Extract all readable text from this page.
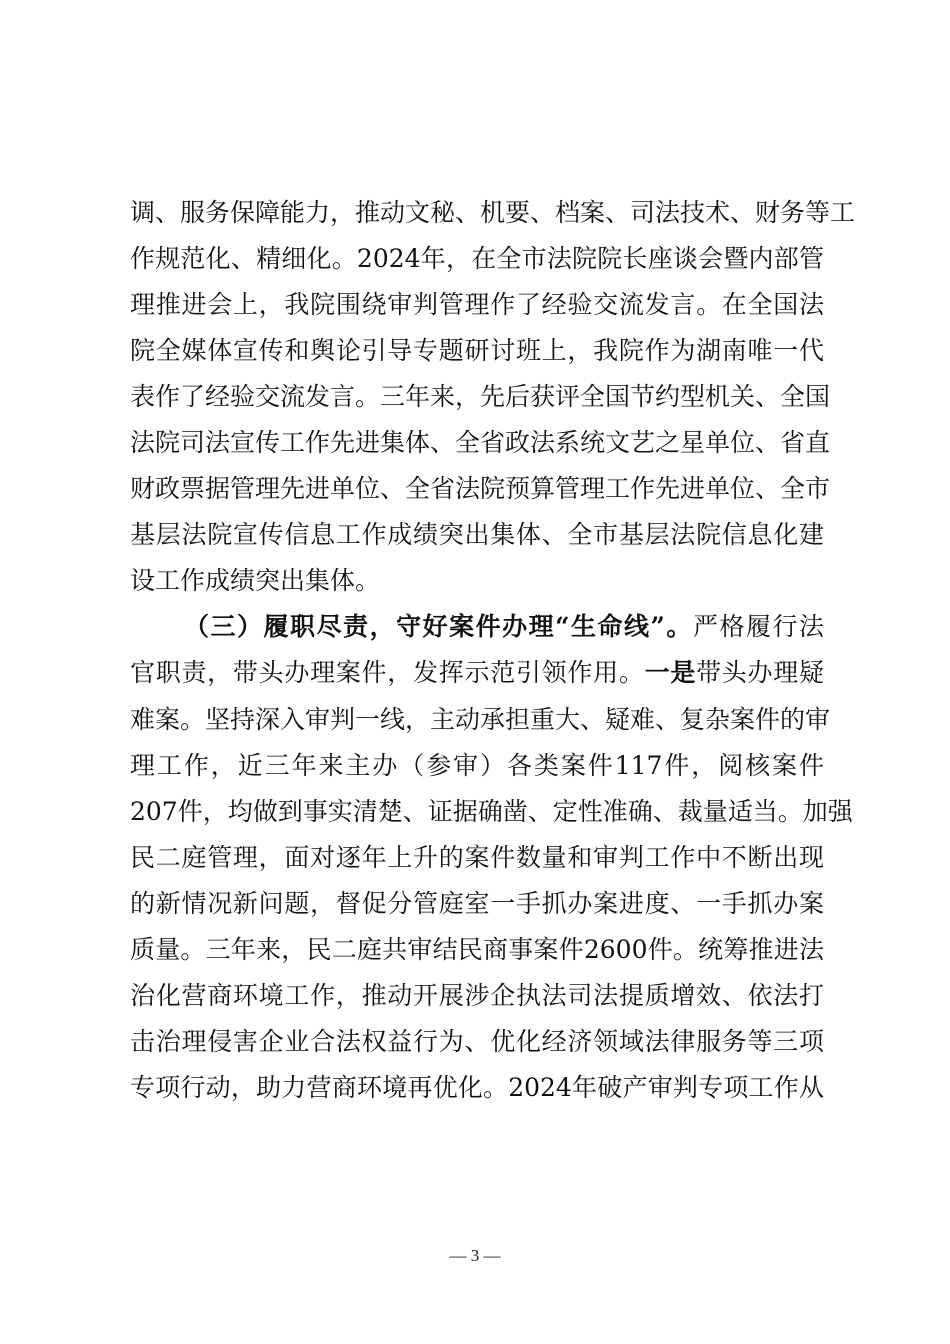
调、服务保障能力，推动文秘、机要、档案、司法技术、财务等工
作规范化、精细化。2024年，在全市法院院长座谈会暨内部管
理推进会上，我院围绕审判管理作了经验交流发言。在全国法
院全媒体宣传和舆论引导专题研讨班上，我院作为湖南唯一代
表作了经验交流发言。三年来，先后获评全国节约型机关、全国
法院司法宣传工作先进集体、全省政法系统文艺之星单位、省直
财政票据管理先进单位、全省法院预算管理工作先进单位、全市
基层法院宣传信息工作成绩突出集体、全市基层法院信息化建
设工作成绩突出集体。
（三）履职尽责，守好案件办理“生命线”。严格履行法
官职责，带头办理案件，发挥示范引领作用。一是带头办理疑
难案。坚持深入审判一线，主动承担重大、疑难、复杂案件的审
理工作，近三年来主办（参审）各类案件117件，阅核案件
207件，均做到事实清楚、证据确凿、定性准确、裁量适当。加强
民二庭管理，面对逐年上升的案件数量和审判工作中不断出现
的新情况新问题，督促分管庭室一手抓办案进度、一手抓办案
质量。三年来，民二庭共审结民商事案件2600件。统筹推进法
治化营商环境工作，推动开展涉企执法司法提质增效、依法打
击治理侵害企业合法权益行为、优化经济领域法律服务等三项
专项行动，助力营商环境再优化。2024年破产审判专项工作从
— 3 —
